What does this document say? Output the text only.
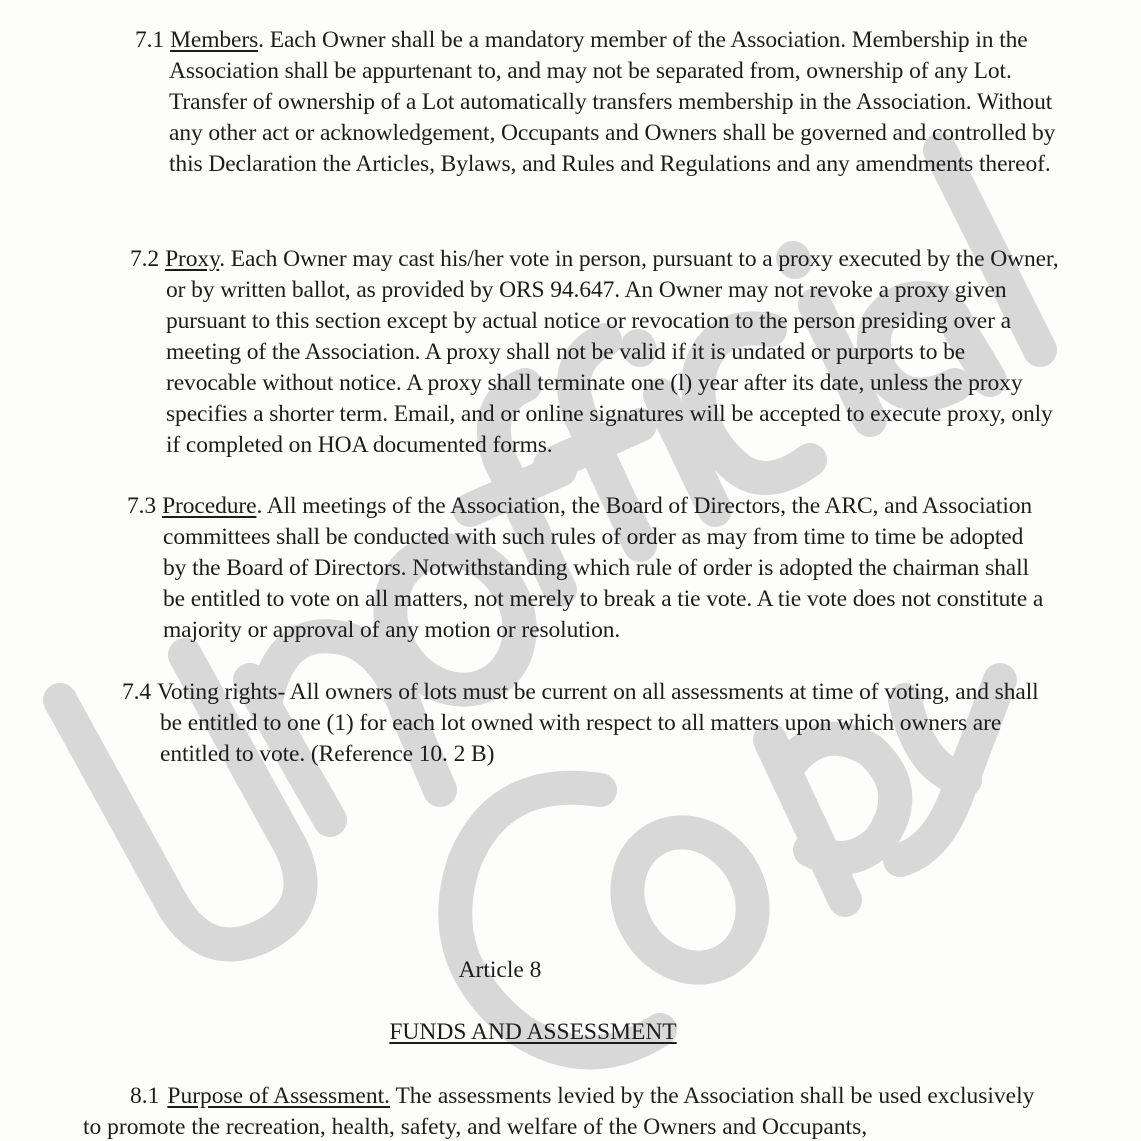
7.1 Members. Each Owner shall be a mandatory member of the Association. Membership in the Association shall be appurtenant to, and may not be separated from, ownership of any Lot. Transfer of ownership of a Lot automatically transfers membership in the Association. Without any other act or acknowledgement, Occupants and Owners shall be governed and controlled by this Declaration the Articles, Bylaws, and Rules and Regulations and any amendments thereof.
7.2 Proxy. Each Owner may cast his/her vote in person, pursuant to a proxy executed by the Owner, or by written ballot, as provided by ORS 94.647. An Owner may not revoke a proxy given pursuant to this section except by actual notice or revocation to the person presiding over a meeting of the Association. A proxy shall not be valid if it is undated or purports to be revocable without notice. A proxy shall terminate one (l) year after its date, unless the proxy specifies a shorter term. Email, and or online signatures will be accepted to execute proxy, only if completed on HOA documented forms.
7.3 Procedure. All meetings of the Association, the Board of Directors, the ARC, and Association committees shall be conducted with such rules of order as may from time to time be adopted by the Board of Directors. Notwithstanding which rule of order is adopted the chairman shall be entitled to vote on all matters, not merely to break a tie vote. A tie vote does not constitute a majority or approval of any motion or resolution.
7.4 Voting rights- All owners of lots must be current on all assessments at time of voting, and shall be entitled to one (1) for each lot owned with respect to all matters upon which owners are entitled to vote. (Reference 10. 2 B)
Article 8
FUNDS AND ASSESSMENT
8.1 Purpose of Assessment. The assessments levied by the Association shall be used exclusively to promote the recreation, health, safety, and welfare of the Owners and Occupants,
